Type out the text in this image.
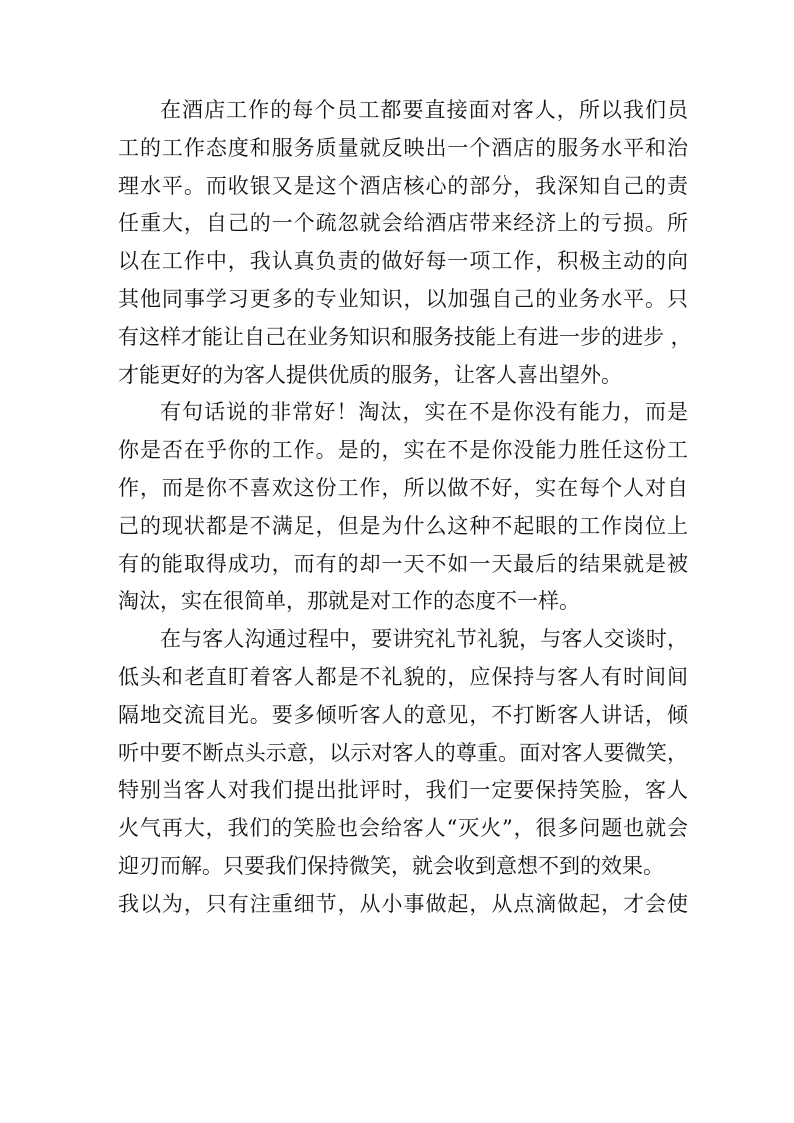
在酒店工作的每个员工都要直接面对客人，所以我们员
工的工作态度和服务质量就反映出一个酒店的服务水平和治
理水平。而收银又是这个酒店核心的部分，我深知自己的责
任重大，自己的一个疏忽就会给酒店带来经济上的亏损。所
以在工作中，我认真负责的做好每一项工作，积极主动的向
其他同事学习更多的专业知识，以加强自己的业务水平。只
有这样才能让自己在业务知识和服务技能上有进一步的进步 ，
才能更好的为客人提供优质的服务，让客人喜出望外。
有句话说的非常好！淘汰，实在不是你没有能力，而是
你是否在乎你的工作。是的，实在不是你没能力胜任这份工
作，而是你不喜欢这份工作，所以做不好，实在每个人对自
己的现状都是不满足，但是为什么这种不起眼的工作岗位上
有的能取得成功，而有的却一天不如一天最后的结果就是被
淘汰，实在很简单，那就是对工作的态度不一样。
在与客人沟通过程中，要讲究礼节礼貌，与客人交谈时，
低头和老直盯着客人都是不礼貌的，应保持与客人有时间间
隔地交流目光。要多倾听客人的意见，不打断客人讲话，倾
听中要不断点头示意，以示对客人的尊重。面对客人要微笑，
特别当客人对我们提出批评时，我们一定要保持笑脸，客人
火气再大，我们的笑脸也会给客人“灭火”，很多问题也就会
迎刃而解。只要我们保持微笑，就会收到意想不到的效果。
我以为，只有注重细节，从小事做起，从点滴做起，才会使
